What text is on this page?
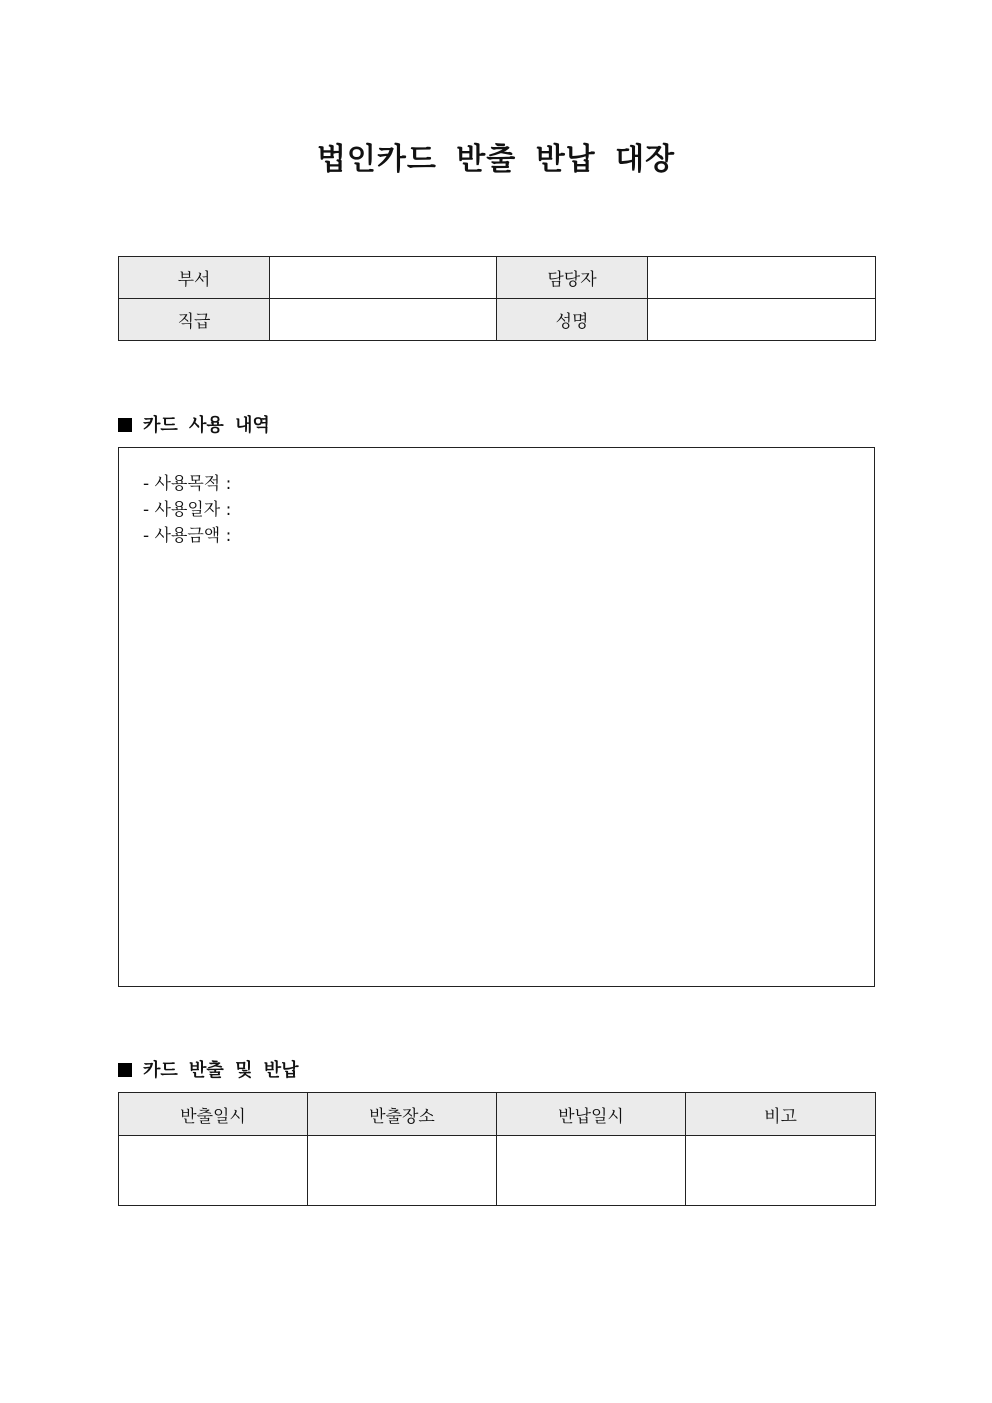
법인카드 반출 반납 대장
부서		담당자	
직급		성명	
카드 사용 내역
- 사용목적 :
- 사용일자 :
- 사용금액 :
카드 반출 및 반납
반출일시	반출장소	반납일시	비고
